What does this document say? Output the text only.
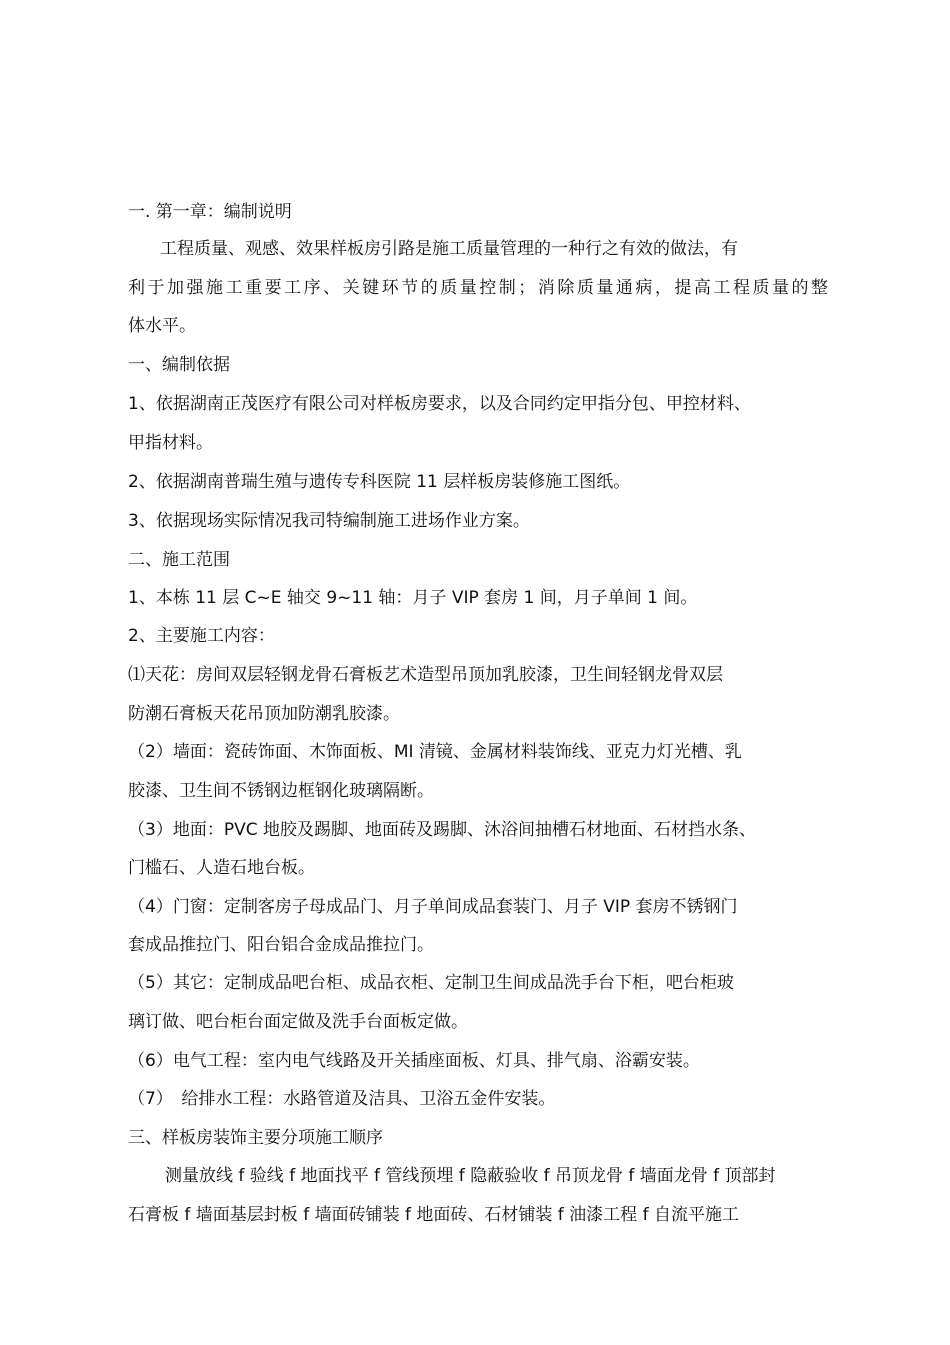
一. 第一章：编制说明
工程质量、观感、效果样板房引路是施工质量管理的一种行之有效的做法，有
利于加强施工重要工序、关键环节的质量控制；消除质量通病，提高工程质量的整
体水平。
一、编制依据
1、依据湖南正茂医疗有限公司对样板房要求，以及合同约定甲指分包、甲控材料、
甲指材料。
2、依据湖南普瑞生殖与遗传专科医院 11 层样板房装修施工图纸。
3、依据现场实际情况我司特编制施工进场作业方案。
二、施工范围
1、本栋 11 层 C~E 轴交 9~11 轴：月子 VIP 套房 1 间，月子单间 1 间。
2、主要施工内容：
⑴天花：房间双层轻钢龙骨石膏板艺术造型吊顶加乳胶漆，卫生间轻钢龙骨双层
防潮石膏板天花吊顶加防潮乳胶漆。
（2）墙面：瓷砖饰面、木饰面板、MI 清镜、金属材料装饰线、亚克力灯光槽、乳
胶漆、卫生间不锈钢边框钢化玻璃隔断。
（3）地面：PVC 地胶及踢脚、地面砖及踢脚、沐浴间抽槽石材地面、石材挡水条、
门槛石、人造石地台板。
（4）门窗：定制客房子母成品门、月子单间成品套装门、月子 VIP 套房不锈钢门
套成品推拉门、阳台铝合金成品推拉门。
（5）其它：定制成品吧台柜、成品衣柜、定制卫生间成品洗手台下柜，吧台柜玻
璃订做、吧台柜台面定做及洗手台面板定做。
（6）电气工程：室内电气线路及开关插座面板、灯具、排气扇、浴霸安装。
（7）　给排水工程：水路管道及洁具、卫浴五金件安装。
三、样板房装饰主要分项施工顺序
测量放线 f 验线 f 地面找平 f 管线预埋 f 隐蔽验收 f 吊顶龙骨 f 墙面龙骨 f 顶部封
石膏板 f 墙面基层封板 f 墙面砖铺装 f 地面砖、石材铺装 f 油漆工程 f 自流平施工
